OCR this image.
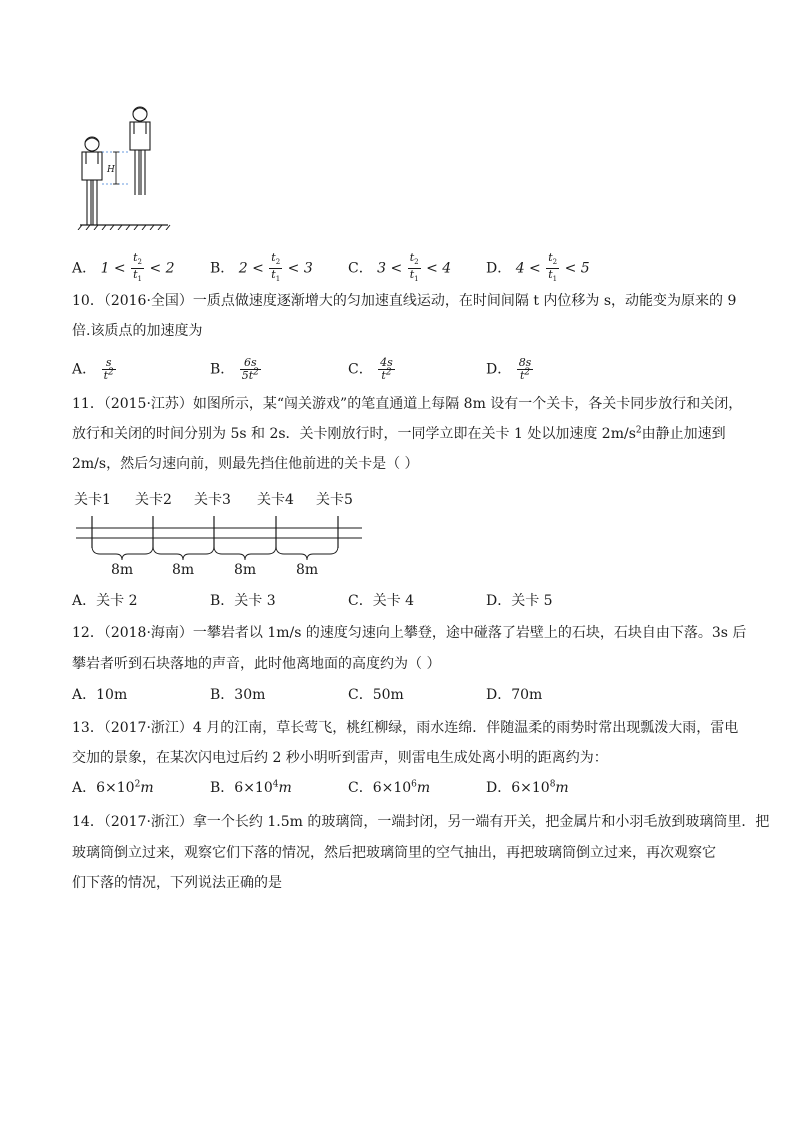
H
A． $1 < \frac{t_2}{t_1} < 2$	B． $2 < \frac{t_2}{t_1} < 3$	C． $3 < \frac{t_2}{t_1} < 4$ D． $4 < \frac{t_2}{t_1} < 5$
10．（2016·全国）一质点做速度逐渐增大的匀加速直线运动，在时间间隔 t 内位移为 s，动能变为原来的 9
倍.该质点的加速度为
A． $\frac{s}{t^2}$	B． $\frac{6s}{5t^2}$	C． $\frac{4s}{t^2}$	D． $\frac{8s}{t^2}$
11．（2015·江苏）如图所示，某“闯关游戏”的笔直通道上每隔 8m 设有一个关卡，各关卡同步放行和关闭，
放行和关闭的时间分别为 5s 和 2s．关卡刚放行时，一同学立即在关卡 1 处以加速度 $2m/s^2$由静止加速到
2m/s，然后匀速向前，则最先挡住他前进的关卡是（ ）
关卡1 关卡2 关卡3 关卡4 关卡5
8m	8m	8m	8m
A．关卡 2	B．关卡 3	C．关卡 4	D．关卡 5
12．（2018·海南）一攀岩者以 1m/s 的速度匀速向上攀登，途中碰落了岩壁上的石块，石块自由下落。3s 后
攀岩者听到石块落地的声音，此时他离地面的高度约为（ ）
A．10m	B．30m	C．50m	D．70m
13．（2017·浙江）4 月的江南，草长莺飞，桃红柳绿，雨水连绵．伴随温柔的雨势时常出现瓢泼大雨，雷电
交加的景象，在某次闪电过后约 2 秒小明听到雷声，则雷电生成处离小明的距离约为：
A．$6\times 10^2m$	B．$6\times 10^4m$	C．$6\times 10^6m$	D．$6\times 10^8m$
14．（2017·浙江）拿一个长约 1.5m 的玻璃筒，一端封闭，另一端有开关，把金属片和小羽毛放到玻璃筒里．把
玻璃筒倒立过来，观察它们下落的情况，然后把玻璃筒里的空气抽出，再把玻璃筒倒立过来，再次观察它
们下落的情况，下列说法正确的是
